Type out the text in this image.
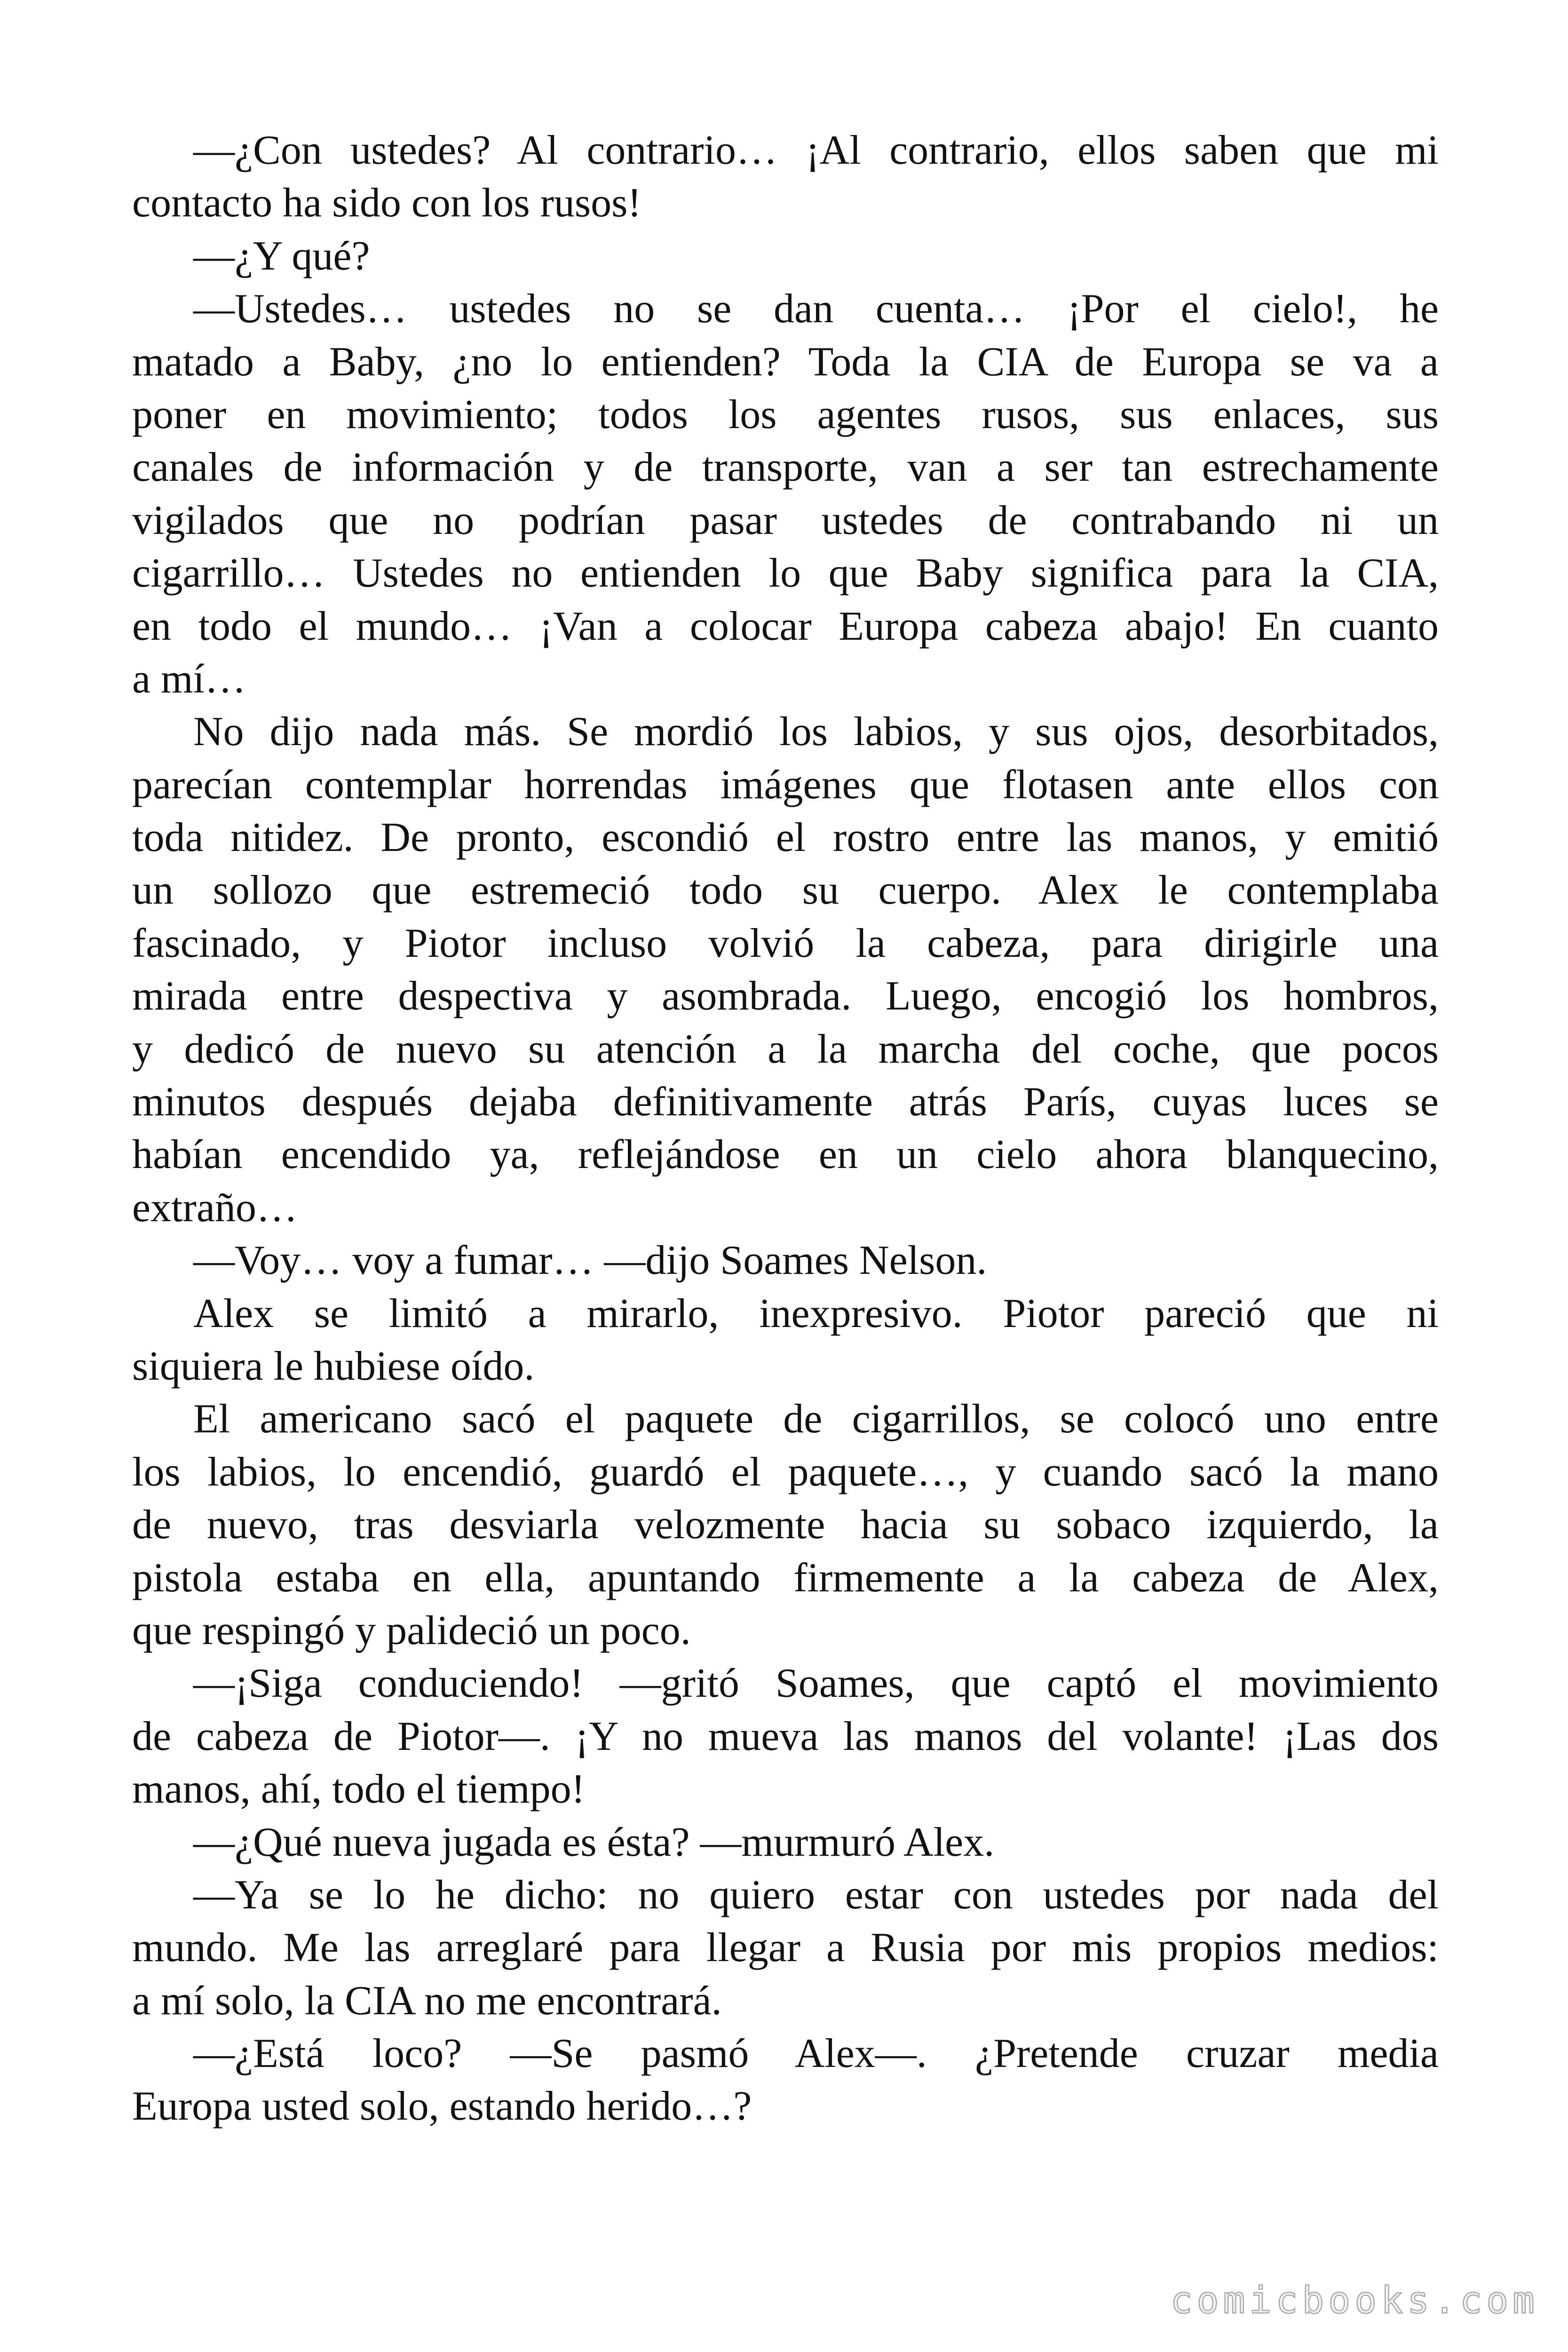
—¿Con ustedes? Al contrario… ¡Al contrario, ellos saben que mi
contacto ha sido con los rusos!
—¿Y qué?
—Ustedes… ustedes no se dan cuenta… ¡Por el cielo!, he
matado a Baby, ¿no lo entienden? Toda la CIA de Europa se va a
poner en movimiento; todos los agentes rusos, sus enlaces, sus
canales de información y de transporte, van a ser tan estrechamente
vigilados que no podrían pasar ustedes de contrabando ni un
cigarrillo… Ustedes no entienden lo que Baby significa para la CIA,
en todo el mundo… ¡Van a colocar Europa cabeza abajo! En cuanto
a mí…
No dijo nada más. Se mordió los labios, y sus ojos, desorbitados,
parecían contemplar horrendas imágenes que flotasen ante ellos con
toda nitidez. De pronto, escondió el rostro entre las manos, y emitió
un sollozo que estremeció todo su cuerpo. Alex le contemplaba
fascinado, y Piotor incluso volvió la cabeza, para dirigirle una
mirada entre despectiva y asombrada. Luego, encogió los hombros,
y dedicó de nuevo su atención a la marcha del coche, que pocos
minutos después dejaba definitivamente atrás París, cuyas luces se
habían encendido ya, reflejándose en un cielo ahora blanquecino,
extraño…
—Voy… voy a fumar… —dijo Soames Nelson.
Alex se limitó a mirarlo, inexpresivo. Piotor pareció que ni
siquiera le hubiese oído.
El americano sacó el paquete de cigarrillos, se colocó uno entre
los labios, lo encendió, guardó el paquete…, y cuando sacó la mano
de nuevo, tras desviarla velozmente hacia su sobaco izquierdo, la
pistola estaba en ella, apuntando firmemente a la cabeza de Alex,
que respingó y palideció un poco.
—¡Siga conduciendo! —gritó Soames, que captó el movimiento
de cabeza de Piotor—. ¡Y no mueva las manos del volante! ¡Las dos
manos, ahí, todo el tiempo!
—¿Qué nueva jugada es ésta? —murmuró Alex.
—Ya se lo he dicho: no quiero estar con ustedes por nada del
mundo. Me las arreglaré para llegar a Rusia por mis propios medios:
a mí solo, la CIA no me encontrará.
—¿Está loco? —Se pasmó Alex—. ¿Pretende cruzar media
Europa usted solo, estando herido…?
comicbooks.com
